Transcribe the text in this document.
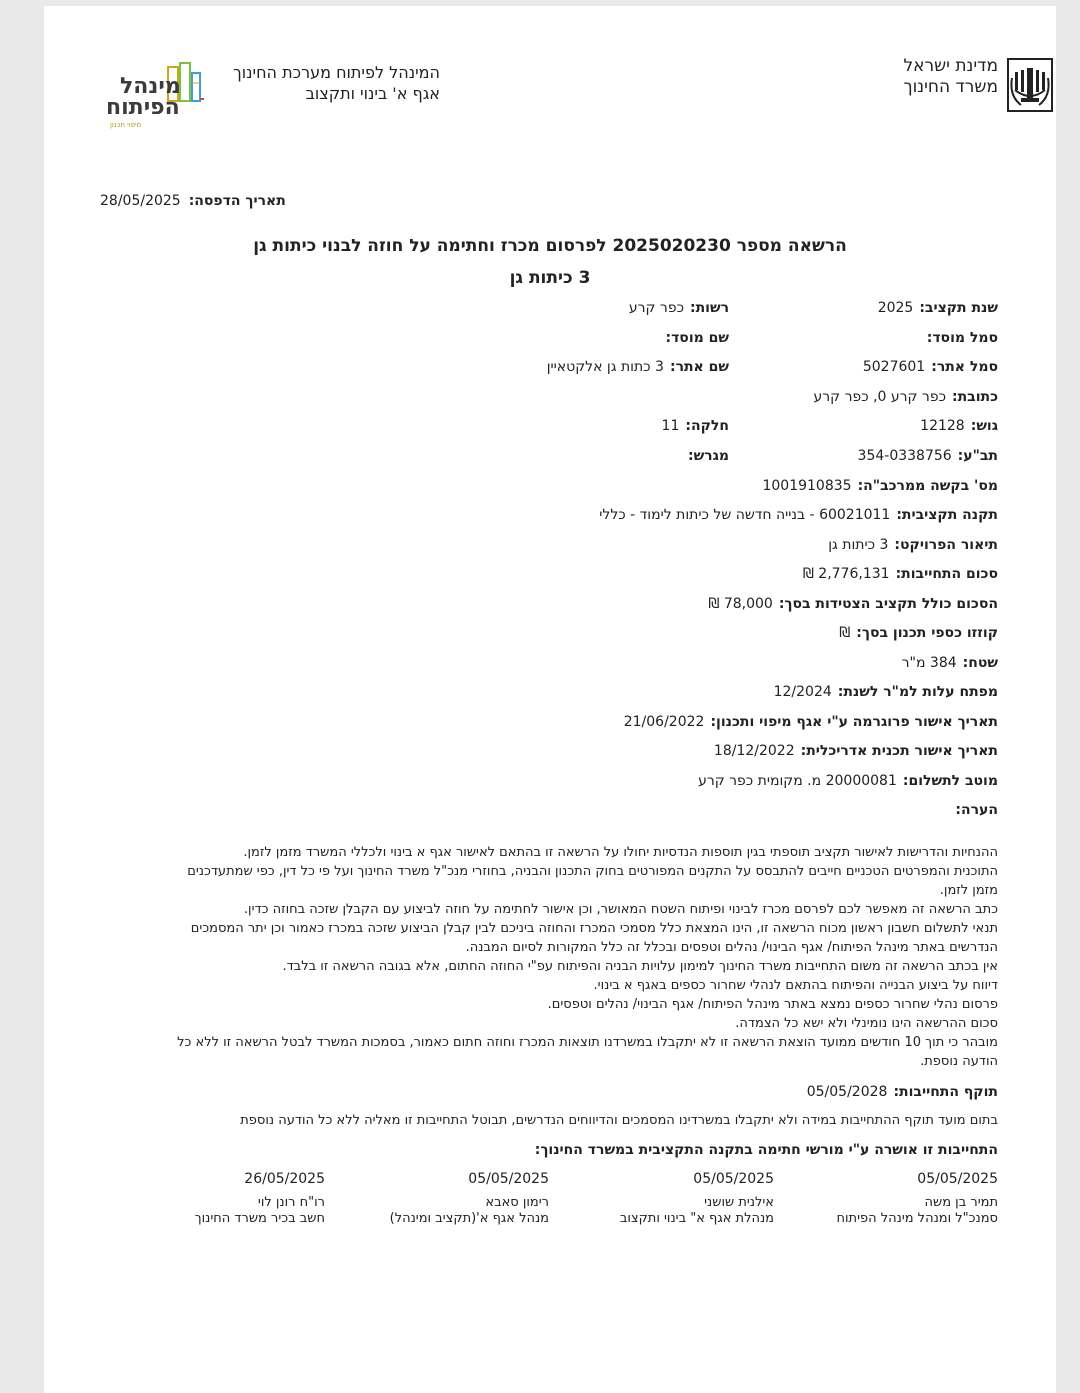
מדינת ישראל
משרד החינוך
המינהל לפיתוח מערכת החינוך
אגף א' בינוי ותקצוב
מינהל
הפיתוח
מיפוי תכנון
תאריך הדפסה:28/05/2025
הרשאה מספר 2025020230 לפרסום מכרז וחתימה על חוזה לבנוי כיתות גן
3 כיתות גן
שנת תקציב:2025
רשות:כפר קרע
סמל מוסד:
שם מוסד:
סמל אתר:5027601
שם אתר:3 כתות גן אלקטאיין
כתובת:כפר קרע 0, כפר קרע
גוש:12128
חלקה:11
תב"ע:354-0338756
מגרש:
מס' בקשה ממרכב"ה:1001910835
תקנה תקציבית:60021011 - בנייה חדשה של כיתות לימוד - כללי
תיאור הפרויקט:3 כיתות גן
סכום התחייבות:2,776,131 ₪
הסכום כולל תקציב הצטידות בסך:78,000 ₪
קוזזו כספי תכנון בסך:₪
שטח:384 מ"ר
מפתח עלות למ"ר לשנת:12/2024
תאריך אישור פרוגרמה ע"י אגף מיפוי ותכנון:21/06/2022
תאריך אישור תכנית אדריכלית:18/12/2022
מוטב לתשלום:20000081 מ. מקומית כפר קרע
הערה:
ההנחיות והדרישות לאישור תקציב תוספתי בגין תוספות הנדסיות יחולו על הרשאה זו בהתאם לאישור אגף א בינוי ולכללי המשרד מזמן לזמן.
התוכנית והמפרטים הטכניים חייבים להתבסס על התקנים המפורטים בחוק התכנון והבניה, בחוזרי מנכ"ל משרד החינוך ועל פי כל דין, כפי שמתעדכנים
מזמן לזמן.
כתב הרשאה זה מאפשר לכם לפרסם מכרז לבינוי ופיתוח השטח המאושר, וכן אישור לחתימה על חוזה לביצוע עם הקבלן שזכה בחוזה כדין.
תנאי לתשלום חשבון ראשון מכוח הרשאה זו, הינו המצאת כלל מסמכי המכרז והחוזה ביניכם לבין קבלן הביצוע שזכה במכרז כאמור וכן יתר המסמכים
הנדרשים באתר מינהל הפיתוח/ אגף הבינוי/ נהלים וטפסים ובכלל זה כלל המקורות לסיום המבנה.
אין בכתב הרשאה זה משום התחייבות משרד החינוך למימון עלויות הבניה והפיתוח עפ"י החוזה החתום, אלא בגובה הרשאה זו בלבד.
דיווח על ביצוע הבנייה והפיתוח בהתאם לנהלי שחרור כספים באגף א בינוי.
פרסום נהלי שחרור כספים נמצא באתר מינהל הפיתוח/ אגף הבינוי/ נהלים וטפסים.
סכום ההרשאה הינו נומינלי ולא ישא כל הצמדה.
מובהר כי תוך 10 חודשים ממועד הוצאת הרשאה זו לא יתקבלו במשרדנו תוצאות המכרז וחוזה חתום כאמור, בסמכות המשרד לבטל הרשאה זו ללא כל
הודעה נוספת.
תוקף התחייבות:05/05/2028
בתום מועד תוקף ההתחייבות במידה ולא יתקבלו במשרדינו המסמכים והדיווחים הנדרשים, תבוטל התחייבות זו מאליה ללא כל הודעה נוספת
התחייבות זו אושרה ע"י מורשי חתימה בתקנה התקציבית במשרד החינוך:
05/05/2025
תמיר בן משה
סמנכ"ל ומנהל מינהל הפיתוח
05/05/2025
אילנית שושני
מנהלת אגף א" בינוי ותקצוב
05/05/2025
רימון סאבא
מנהל אגף א'(תקציב ומינהל)
26/05/2025
רו"ח רונן לוי
חשב בכיר משרד החינוך
